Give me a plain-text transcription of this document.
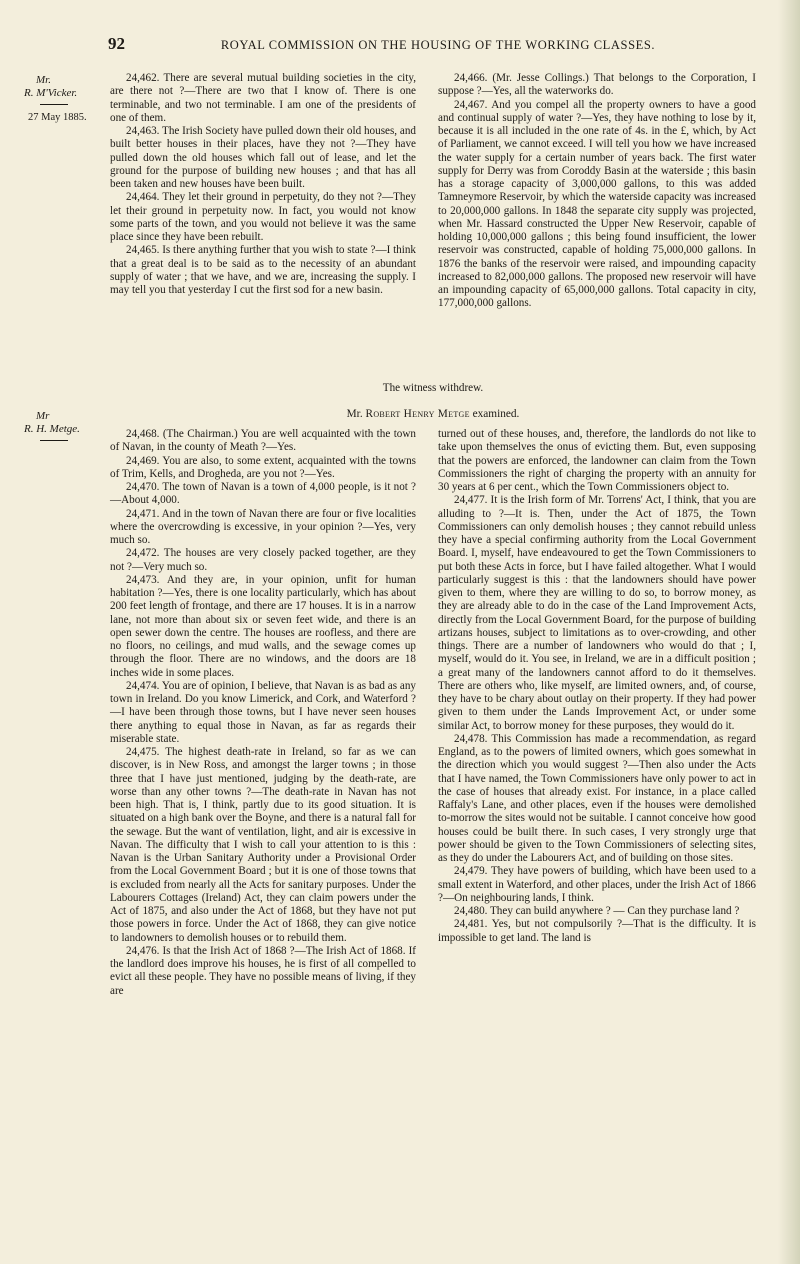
92	ROYAL COMMISSION ON THE HOUSING OF THE WORKING CLASSES.
Mr.
R. M'Vicker.
27 May 1885.
Mr
R. H. Metge.

24,462. There are several mutual building societies in the city, are there not ?—There are two that I know of. There is one terminable, and two not terminable. I am one of the presidents of one of them.

24,463. The Irish Society have pulled down their old houses, and built better houses in their places, have they not ?—They have pulled down the old houses which fall out of lease, and let the ground for the purpose of building new houses ; and that has all been taken and new houses have been built.

24,464. They let their ground in perpetuity, do they not ?—They let their ground in perpetuity now. In fact, you would not know some parts of the town, and you would not believe it was the same place since they have been rebuilt.

24,465. Is there anything further that you wish to state ?—I think that a great deal is to be said as to the necessity of an abundant supply of water ; that we have, and we are, increasing the supply. I may tell you that yesterday I cut the first sod for a new basin.

24,466. (Mr. Jesse Collings.) That belongs to the Corporation, I suppose ?—Yes, all the waterworks do.

24,467. And you compel all the property owners to have a good and continual supply of water ?—Yes, they have nothing to lose by it, because it is all included in the one rate of 4s. in the £, which, by Act of Parliament, we cannot exceed. I will tell you how we have increased the water supply for a certain number of years back. The first water supply for Derry was from Coroddy Basin at the waterside ; this basin has a storage capacity of 3,000,000 gallons, to this was added Tamneymore Reservoir, by which the waterside capacity was increased to 20,000,000 gallons. In 1848 the separate city supply was projected, when Mr. Hassard constructed the Upper New Reservoir, capable of holding 10,000,000 gallons ; this being found insufficient, the lower reservoir was constructed, capable of holding 75,000,000 gallons. In 1876 the banks of the reservoir were raised, and impounding capacity increased to 82,000,000 gallons. The proposed new reservoir will have an impounding capacity of 65,000,000 gallons. Total capacity in city, 177,000,000 gallons.

The witness withdrew.
Mr. Robert Henry Metge examined.

24,468. (The Chairman.) You are well acquainted with the town of Navan, in the county of Meath ?—Yes.

24,469. You are also, to some extent, acquainted with the towns of Trim, Kells, and Drogheda, are you not ?—Yes.

24,470. The town of Navan is a town of 4,000 people, is it not ?—About 4,000.

24,471. And in the town of Navan there are four or five localities where the overcrowding is excessive, in your opinion ?—Yes, very much so.

24,472. The houses are very closely packed together, are they not ?—Very much so.

24,473. And they are, in your opinion, unfit for human habitation ?—Yes, there is one locality particularly, which has about 200 feet length of frontage, and there are 17 houses. It is in a narrow lane, not more than about six or seven feet wide, and there is an open sewer down the centre. The houses are roofless, and there are no floors, no ceilings, and mud walls, and the sewage comes up through the floor. There are no windows, and the doors are 18 inches wide in some places.

24,474. You are of opinion, I believe, that Navan is as bad as any town in Ireland. Do you know Limerick, and Cork, and Waterford ?—I have been through those towns, but I have never seen houses there anything to equal those in Navan, as far as regards their miserable state.

24,475. The highest death-rate in Ireland, so far as we can discover, is in New Ross, and amongst the larger towns ; in those three that I have just mentioned, judging by the death-rate, are worse than any other towns ?—The death-rate in Navan has not been high. That is, I think, partly due to its good situation. It is situated on a high bank over the Boyne, and there is a natural fall for the sewage. But the want of ventilation, light, and air is excessive in Navan. The difficulty that I wish to call your attention to is this : Navan is the Urban Sanitary Authority under a Provisional Order from the Local Government Board ; but it is one of those towns that is excluded from nearly all the Acts for sanitary purposes. Under the Labourers Cottages (Ireland) Act, they can claim powers under the Act of 1875, and also under the Act of 1868, but they have not put those powers in force. Under the Act of 1868, they can give notice to landowners to demolish houses or to rebuild them.

24,476. Is that the Irish Act of 1868 ?—The Irish Act of 1868. If the landlord does improve his houses, he is first of all compelled to evict all these people. They have no possible means of living, if they are

turned out of these houses, and, therefore, the landlords do not like to take upon themselves the onus of evicting them. But, even supposing that the powers are enforced, the landowner can claim from the Town Commissioners the right of charging the property with an annuity for 30 years at 6 per cent., which the Town Commissioners object to.

24,477. It is the Irish form of Mr. Torrens' Act, I think, that you are alluding to ?—It is. Then, under the Act of 1875, the Town Commissioners can only demolish houses ; they cannot rebuild unless they have a special confirming authority from the Local Government Board. I, myself, have endeavoured to get the Town Commissioners to put both these Acts in force, but I have failed altogether. What I would particularly suggest is this : that the landowners should have power given to them, where they are willing to do so, to borrow money, as they are already able to do in the case of the Land Improvement Acts, directly from the Local Government Board, for the purpose of building artizans houses, subject to limitations as to over-crowding, and other things. There are a number of landowners who would do that ; I, myself, would do it. You see, in Ireland, we are in a difficult position ; a great many of the landowners cannot afford to do it themselves. There are others who, like myself, are limited owners, and, of course, they have to be chary about outlay on their property. If they had power given to them under the Lands Improvement Act, or under some similar Act, to borrow money for these purposes, they would do it.

24,478. This Commission has made a recommendation, as regard England, as to the powers of limited owners, which goes somewhat in the direction which you would suggest ?—Then also under the Acts that I have named, the Town Commissioners have only power to act in the case of houses that already exist. For instance, in a place called Raffaly's Lane, and other places, even if the houses were demolished to-morrow the sites would not be suitable. I cannot conceive how good houses could be built there. In such cases, I very strongly urge that power should be given to the Town Commissioners of selecting sites, as they do under the Labourers Act, and of building on those sites.

24,479. They have powers of building, which have been used to a small extent in Waterford, and other places, under the Irish Act of 1866 ?—On neighbouring lands, I think.

24,480. They can build anywhere ? — Can they purchase land ?

24,481. Yes, but not compulsorily ?—That is the difficulty. It is impossible to get land. The land is
